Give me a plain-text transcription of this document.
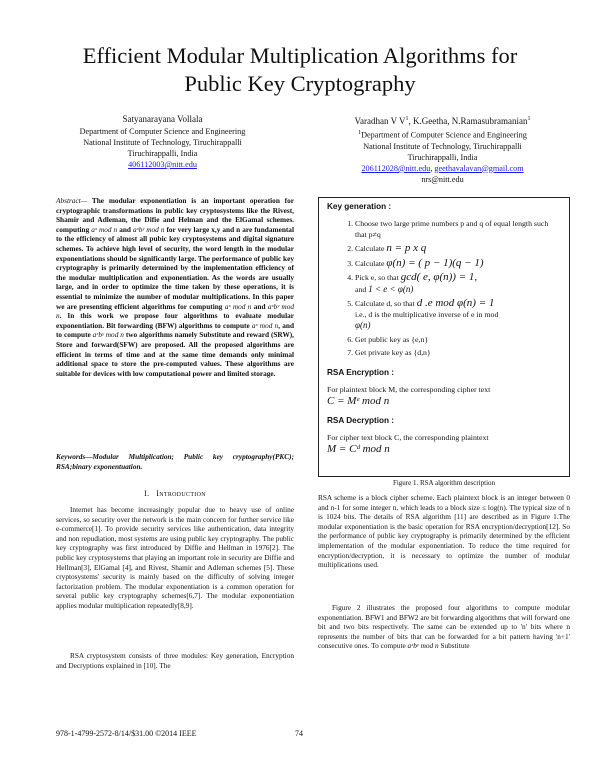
Efficient Modular Multiplication Algorithms for
Public Key Cryptography
Satyanarayana Vollala
Department of Computer Science and Engineering
National Institute of Technology, Tiruchirappalli
Tiruchirappalli, India
406112003@nitt.edu
Varadhan V $V^1$, K.Geetha, N.Ramasubramanian$^1$
$^1$Department of Computer Science and Engineering
National Institute of Technology, Tiruchirappalli
Tiruchirappalli, India
206112028@nitt.edu, geethavalavan@gmail.com
nrs@nitt.edu
Abstract— The modular exponentiation is an important operation for cryptographic transformations in public key cryptosystems like the Rivest, Shamir and Adleman, the Difie and Helman and the ElGamal schemes. computing aˣ mod n and aˣbʸ mod n for very large x,y and n are fundamental to the efficiency of almost all pubic key cryptosystems and digital signature schemes. To achieve high level of security, the word length in the modular exponentiations should be significantly large. The performance of public key cryptography is primarily determined by the implementation efficiency of the modular multiplication and exponentiation. As the words are usually large, and in order to optimize the time taken by these operations, it is essential to minimize the number of modular multiplications. In this paper we are presenting efficient algorithms for computing aˣ mod n and aˣbʸ mod n. In this work we propose four algorithms to evaluate modular exponentiation. Bit forwarding (BFW) algorithms to compute aˣ mod n, and to compute aˣbʸ mod n two algorithms namely Substitute and reward (SRW), Store and forward(SFW) are proposed. All the proposed algorithms are efficient in terms of time and at the same time demands only minimal additional space to store the pre-computed values. These algorithms are suitable for devices with low computational power and limited storage.
Keywords—Modular Multiplication; Public key cryptography(PKC); RSA;binary exponentuation.
I. Introduction
Internet has become increasingly popular due to heavy use of online services, so security over the network is the main concern for further service like e-commerce[1]. To provide security services like authentication, data integrity and non repudiation, most systems are using public key cryptography. The public key cryptography was first introduced by Diffie and Hellman in 1976[2]. The public key cryptosystems that playing an important role in security are Diffie and Hellman[3], ElGamal [4], and Rivest, Shamir and Adleman schemes [5]. These cryptosystems' security is mainly based on the difficulty of solving integer factorization problem. The modular exponentiation is a common operation for several public key cryptography schemes[6,7]. The modular exponentiation applies modular multiplication repeatedly[8,9].
RSA cryptosystem consists of three modules: Key generation, Encryption and Decryptions explained in [10]. The
Key generation :
1. Choose two large prime numbers p and q of equal length such that p≠q
2. Calculate n = p x q
3. Calculate φ(n) = ( p − 1)(q − 1)
4. Pick e, so that gcd( e, φ(n)) = 1,
and 1 < e < φ(n)
5. Calculate d, so that d .e mod φ(n) = 1
i.e., d is the multiplicative inverse of e in mod
φ(n)
6. Get public key as {e,n}
7. Get private key as {d,n}
RSA Encryption :
For plaintext block M, the corresponding cipher text
C = Mᵉ mod n
RSA Decryption :
For cipher text block C, the corresponding plaintext
M = Cᵈ mod n
Figure 1. RSA algorithm description
RSA scheme is a block cipher scheme. Each plaintext block is an integer between 0 and n-1 for some integer n, which leads to a block size ≤ log(n). The typical size of n is 1024 bits. The details of RSA algorithm [11] are described as in Figure 1.The modular exponentiation is the basic operation for RSA encryption/decryption[12]. So the performance of public key cryptography is primarily determined by the efficient implementation of the modular exponentiation. To reduce the time required for encryption/decryption, it is necessary to optimize the number of modular multiplications used.
Figure 2 illustrates the proposed four algorithms to compute modular exponentiation. BFW1 and BFW2 are bit forwarding algorithms that will forward one bit and two bits respectively. The same can be extended up to 'n' bits where n represents the number of bits that can be forwarded for a bit pattern having 'n+1' consecutive ones. To compute aˣbʸ mod n Substitute
978-1-4799-2572-8/14/$31.00 ©2014 IEEE	74
